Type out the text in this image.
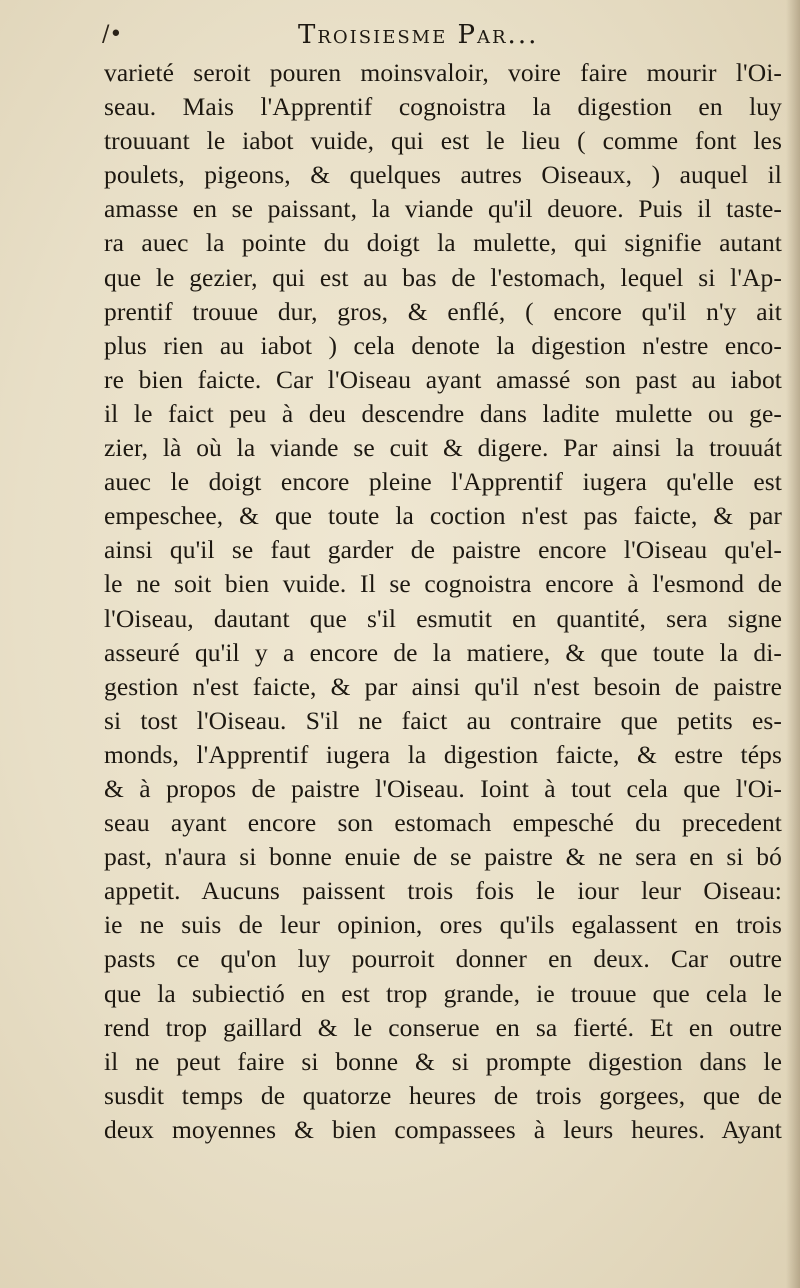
/•	Troisiesme Par...
varieté seroit pouren moinsvaloir, voire faire mourir l'Oi-
seau. Mais l'Apprentif cognoistra la digestion en luy
trouuant le iabot vuide, qui est le lieu ( comme font les
poulets, pigeons, & quelques autres Oiseaux, ) auquel il
amasse en se paissant, la viande qu'il deuore. Puis il taste-
ra auec la pointe du doigt la mulette, qui signifie autant
que le gezier, qui est au bas de l'estomach, lequel si l'Ap-
prentif trouue dur, gros, & enflé, ( encore qu'il n'y ait
plus rien au iabot ) cela denote la digestion n'estre enco-
re bien faicte. Car l'Oiseau ayant amassé son past au iabot
il le faict peu à deu descendre dans ladite mulette ou ge-
zier, là où la viande se cuit & digere. Par ainsi la trouuát
auec le doigt encore pleine l'Apprentif iugera qu'elle est
empeschee, & que toute la coction n'est pas faicte, & par
ainsi qu'il se faut garder de paistre encore l'Oiseau qu'el-
le ne soit bien vuide. Il se cognoistra encore à l'esmond de
l'Oiseau, dautant que s'il esmutit en quantité, sera signe
asseuré qu'il y a encore de la matiere, & que toute la di-
gestion n'est faicte, & par ainsi qu'il n'est besoin de paistre
si tost l'Oiseau. S'il ne faict au contraire que petits es-
monds, l'Apprentif iugera la digestion faicte, & estre téps
& à propos de paistre l'Oiseau. Ioint à tout cela que l'Oi-
seau ayant encore son estomach empesché du precedent
past, n'aura si bonne enuie de se paistre & ne sera en si bó
appetit. Aucuns paissent trois fois le iour leur Oiseau:
ie ne suis de leur opinion, ores qu'ils egalassent en trois
pasts ce qu'on luy pourroit donner en deux. Car outre
que la subiectió en est trop grande, ie trouue que cela le
rend trop gaillard & le conserue en sa fierté. Et en outre
il ne peut faire si bonne & si prompte digestion dans le
susdit temps de quatorze heures de trois gorgees, que de
deux moyennes & bien compassees à leurs heures. Ayant
